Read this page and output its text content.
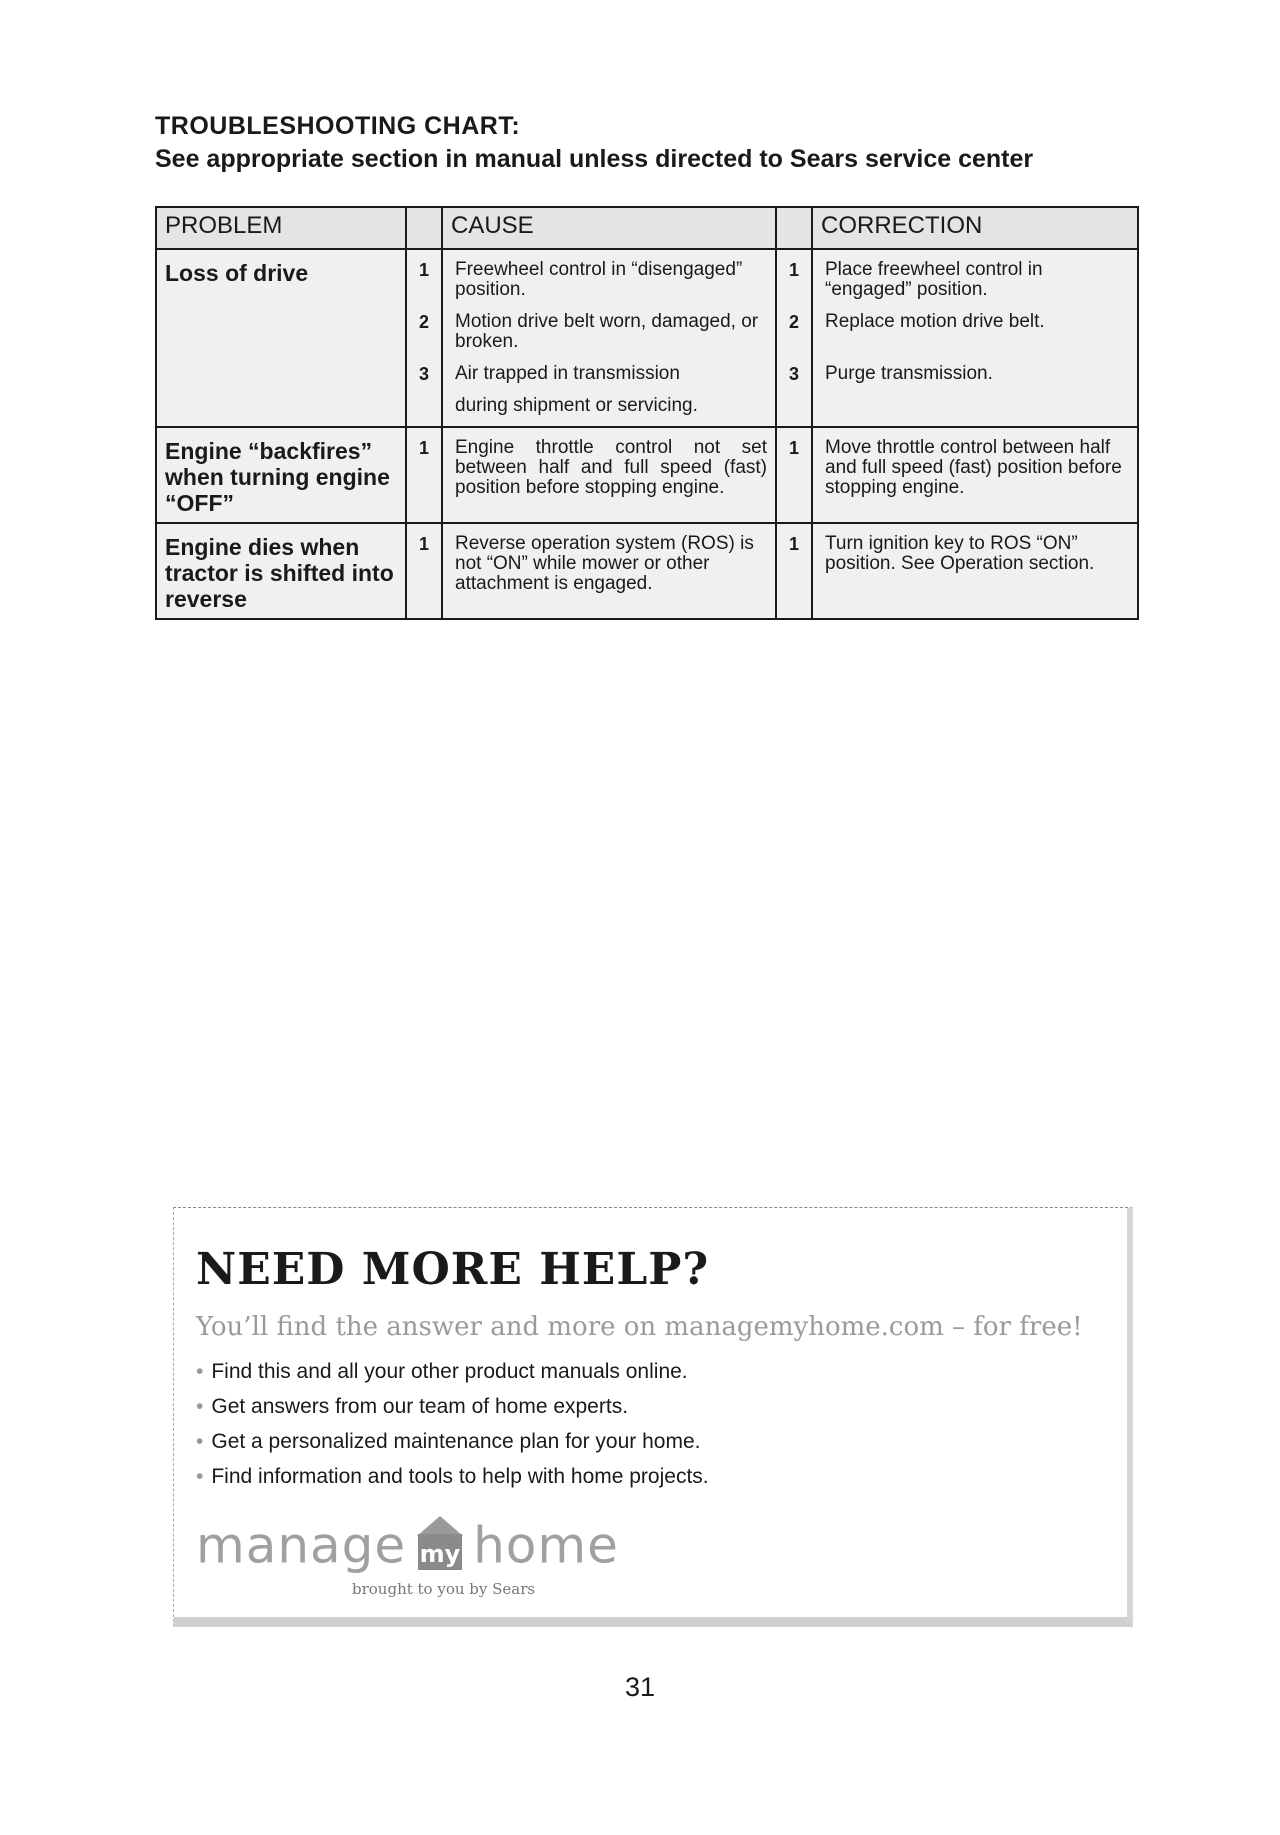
TROUBLESHOOTING CHART:

See appropriate section in manual unless directed to Sears service center

PROBLEM		CAUSE		CORRECTION
Loss of drive	1	Freewheel control in “disengaged” position.	1	Place freewheel control in “engaged” position.
	2	Motion drive belt worn, damaged, or broken.	2	Replace motion drive belt.
	3	Air trapped in transmission	3	Purge transmission.
		during shipment or servicing.		
Engine “backfires” when turning engine “OFF”	1	Engine throttle control not set between half and full speed (fast) position before stopping engine.	1	Move throttle control between half and full speed (fast) position before stopping engine.
Engine dies when tractor is shifted into reverse	1	Reverse operation system (ROS) is not “ON” while mower or other attachment is engaged.	1	Turn ignition key to ROS “ON” position. See Operation section.

NEED MORE HELP?

You’ll find the answer and more on managemyhome.com – for free!

• Find this and all your other product manuals online.
• Get answers from our team of home experts.
• Get a personalized maintenance plan for your home.
• Find information and tools to help with home projects.
manage my home
brought to you by Sears
31
